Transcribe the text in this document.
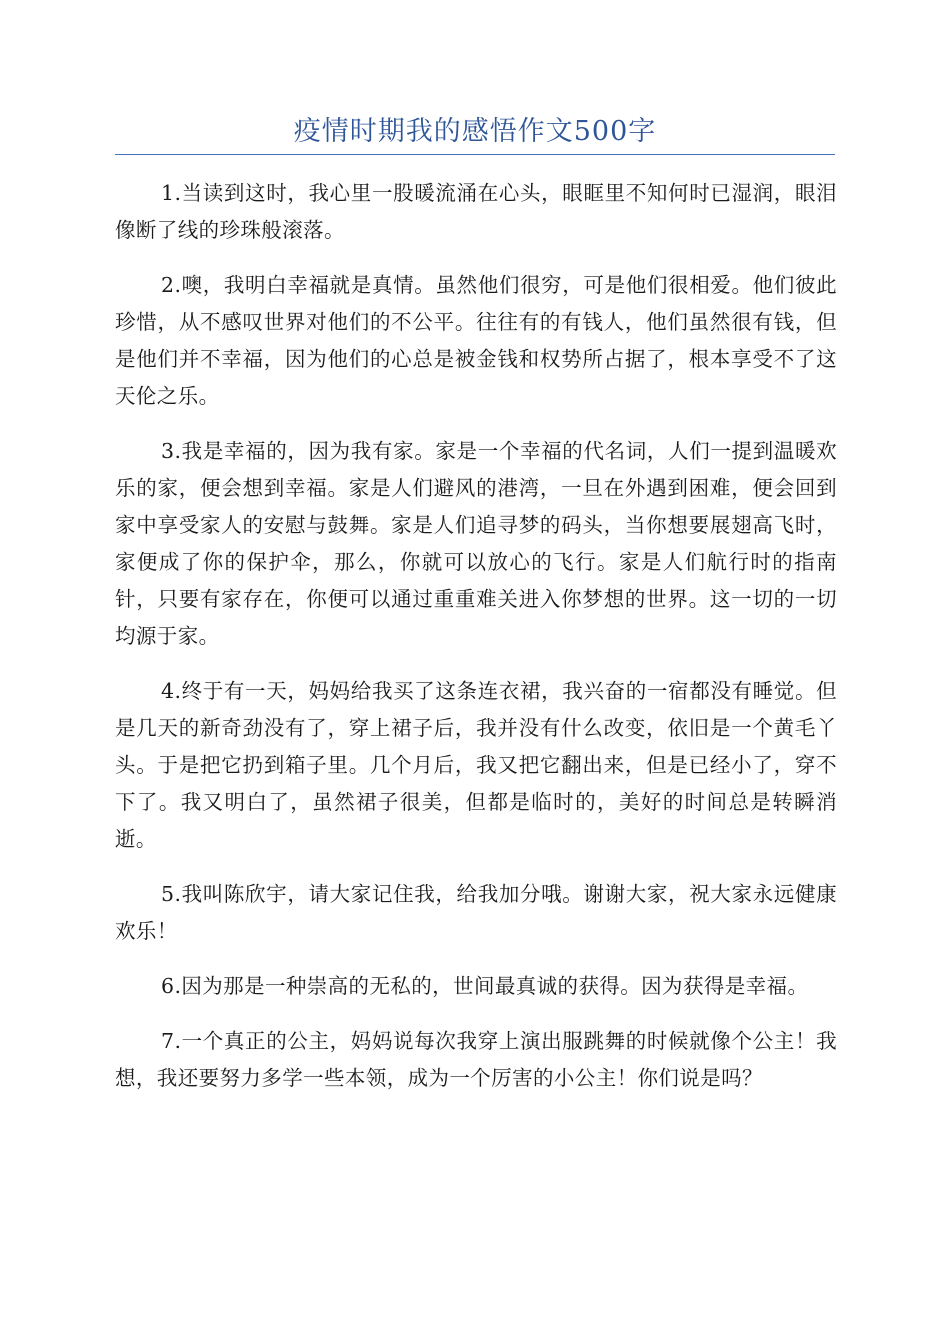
疫情时期我的感悟作文500字

1.当读到这时，我心里一股暖流涌在心头，眼眶里不知何时已湿润，眼泪像断了线的珍珠般滚落。

2.噢，我明白幸福就是真情。虽然他们很穷，可是他们很相爱。他们彼此珍惜，从不感叹世界对他们的不公平。往往有的有钱人，他们虽然很有钱，但是他们并不幸福，因为他们的心总是被金钱和权势所占据了，根本享受不了这天伦之乐。

3.我是幸福的，因为我有家。家是一个幸福的代名词，人们一提到温暖欢乐的家，便会想到幸福。家是人们避风的港湾，一旦在外遇到困难，便会回到家中享受家人的安慰与鼓舞。家是人们追寻梦的码头，当你想要展翅高飞时，家便成了你的保护伞，那么，你就可以放心的飞行。家是人们航行时的指南针，只要有家存在，你便可以通过重重难关进入你梦想的世界。这一切的一切均源于家。

4.终于有一天，妈妈给我买了这条连衣裙，我兴奋的一宿都没有睡觉。但是几天的新奇劲没有了，穿上裙子后，我并没有什么改变，依旧是一个黄毛丫头。于是把它扔到箱子里。几个月后，我又把它翻出来，但是已经小了，穿不下了。我又明白了，虽然裙子很美，但都是临时的，美好的时间总是转瞬消逝。

5.我叫陈欣宇，请大家记住我，给我加分哦。谢谢大家，祝大家永远健康欢乐！

6.因为那是一种崇高的无私的，世间最真诚的获得。因为获得是幸福。

7.一个真正的公主，妈妈说每次我穿上演出服跳舞的时候就像个公主！我想，我还要努力多学一些本领，成为一个厉害的小公主！你们说是吗？
